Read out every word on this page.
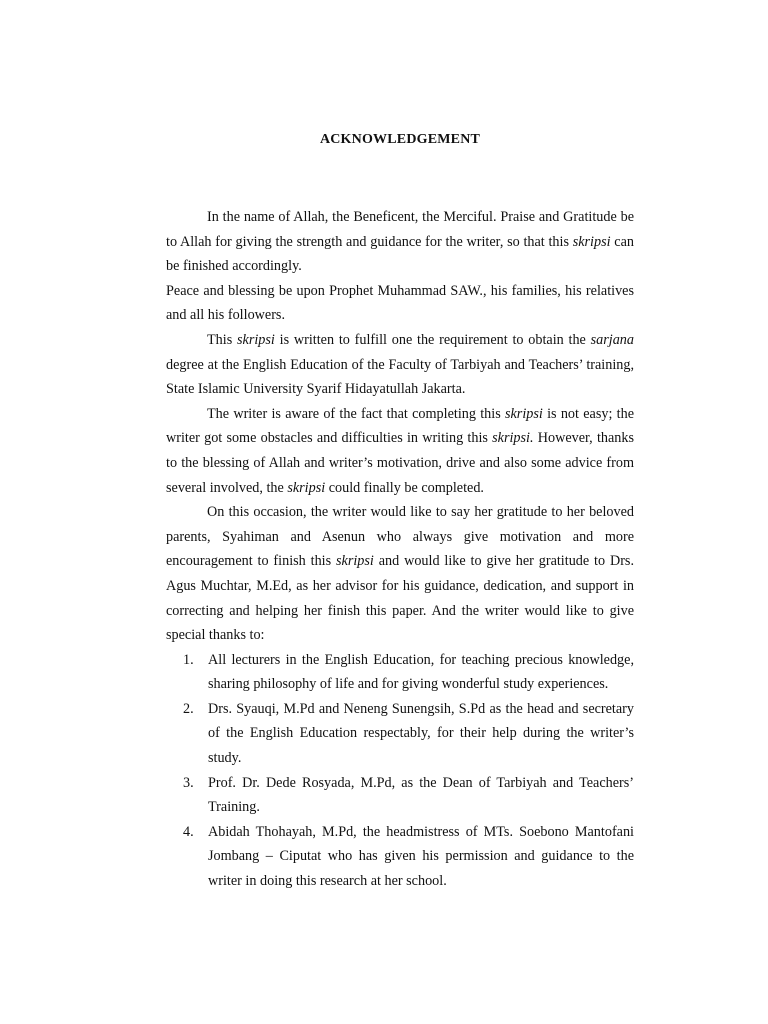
ACKNOWLEDGEMENT

In the name of Allah, the Beneficent, the Merciful. Praise and Gratitude be to Allah for giving the strength and guidance for the writer, so that this skripsi can be finished accordingly.

Peace and blessing be upon Prophet Muhammad SAW., his families, his relatives and all his followers.

This skripsi is written to fulfill one the requirement to obtain the sarjana degree at the English Education of the Faculty of Tarbiyah and Teachers’ training, State Islamic University Syarif Hidayatullah Jakarta.

The writer is aware of the fact that completing this skripsi is not easy; the writer got some obstacles and difficulties in writing this skripsi. However, thanks to the blessing of Allah and writer’s motivation, drive and also some advice from several involved, the skripsi could finally be completed.

On this occasion, the writer would like to say her gratitude to her beloved parents, Syahiman and Asenun who always give motivation and more encouragement to finish this skripsi and would like to give her gratitude to Drs. Agus Muchtar, M.Ed, as her advisor for his guidance, dedication, and support in correcting and helping her finish this paper. And the writer would like to give special thanks to:

1. All lecturers in the English Education, for teaching precious knowledge, sharing philosophy of life and for giving wonderful study experiences.
2. Drs. Syauqi, M.Pd and Neneng Sunengsih, S.Pd as the head and secretary of the English Education respectably, for their help during the writer’s study.
3. Prof. Dr. Dede Rosyada, M.Pd, as the Dean of Tarbiyah and Teachers’ Training.
4. Abidah Thohayah, M.Pd, the headmistress of MTs. Soebono Mantofani Jombang – Ciputat who has given his permission and guidance to the writer in doing this research at her school.
